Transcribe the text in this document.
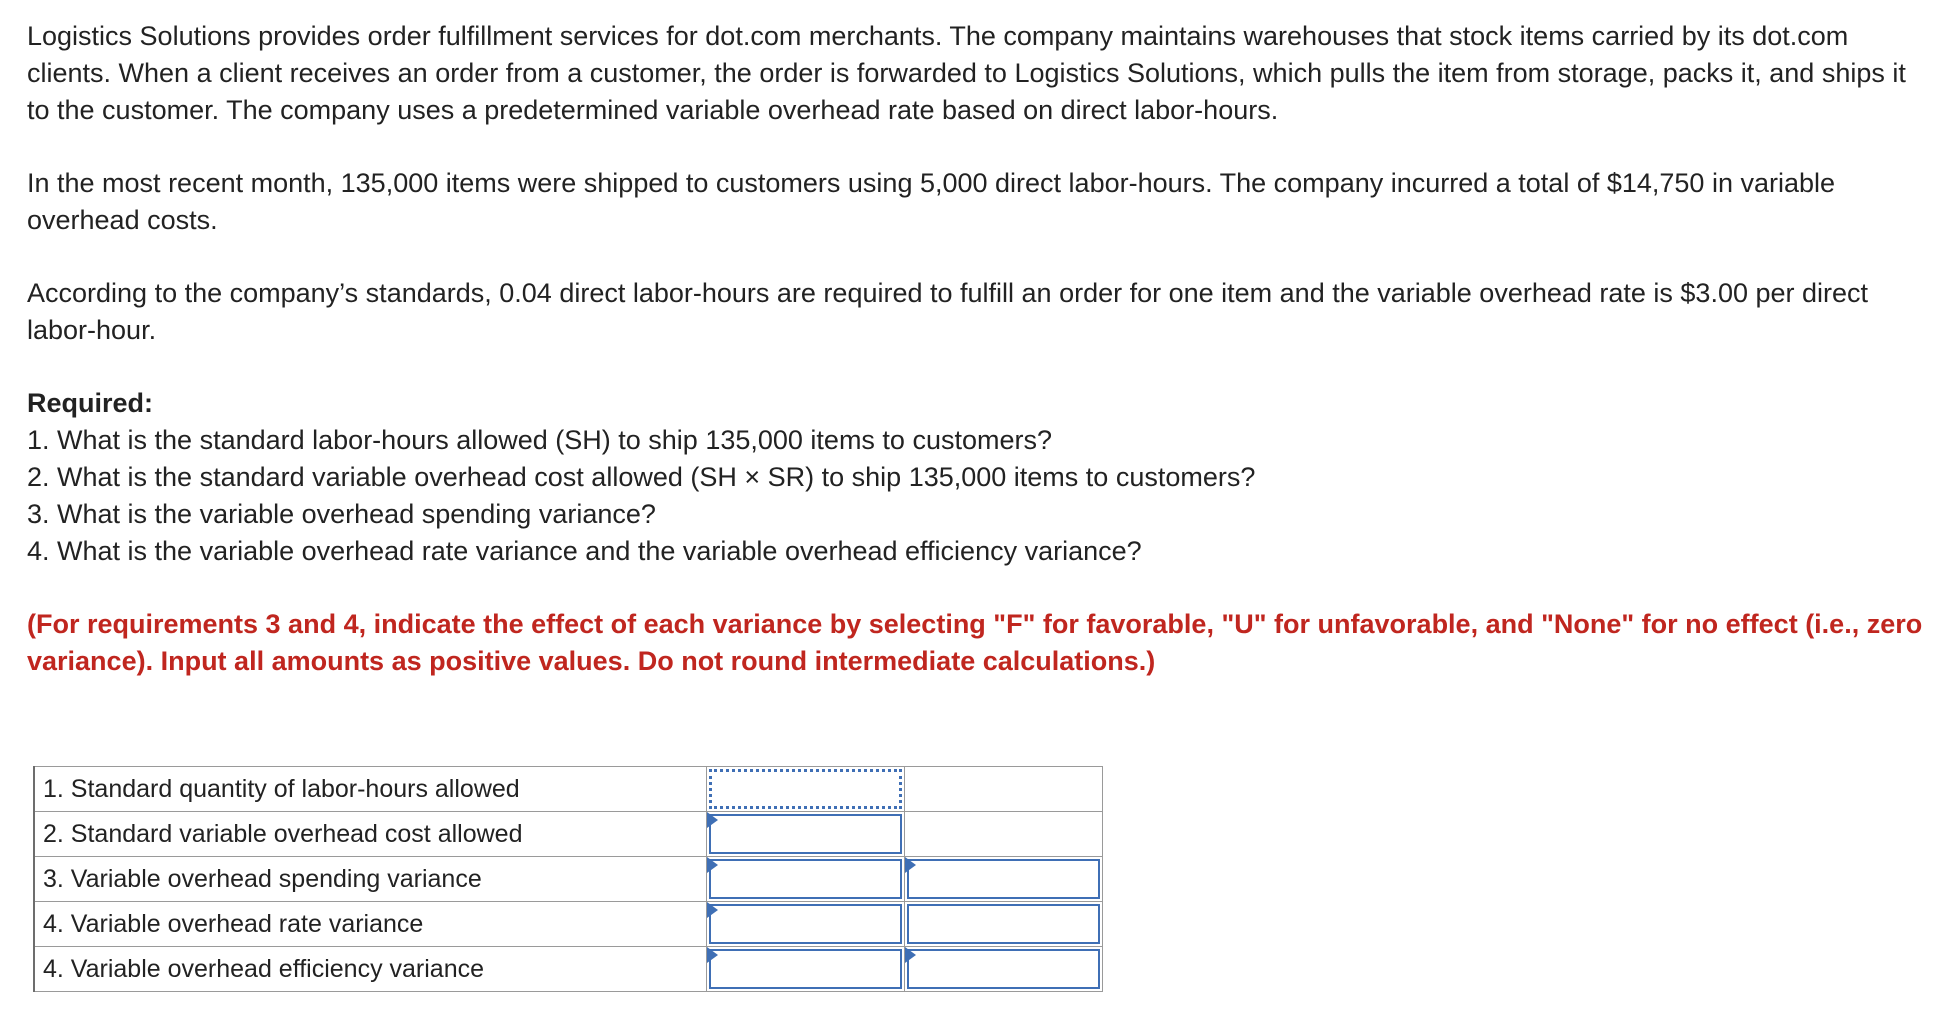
Logistics Solutions provides order fulfillment services for dot.com merchants. The company maintains warehouses that stock items carried by its dot.com clients. When a client receives an order from a customer, the order is forwarded to Logistics Solutions, which pulls the item from storage, packs it, and ships it to the customer. The company uses a predetermined variable overhead rate based on direct labor-hours.

In the most recent month, 135,000 items were shipped to customers using 5,000 direct labor-hours. The company incurred a total of $14,750 in variable overhead costs.

According to the company’s standards, 0.04 direct labor-hours are required to fulfill an order for one item and the variable overhead rate is $3.00 per direct labor-hour.

Required:

1. What is the standard labor-hours allowed (SH) to ship 135,000 items to customers?
2. What is the standard variable overhead cost allowed (SH × SR) to ship 135,000 items to customers?
3. What is the variable overhead spending variance?
4. What is the variable overhead rate variance and the variable overhead efficiency variance?

(For requirements 3 and 4, indicate the effect of each variance by selecting "F" for favorable, "U" for unfavorable, and "None" for no effect (i.e., zero variance). Input all amounts as positive values. Do not round intermediate calculations.)

1. Standard quantity of labor-hours allowed	

2. Standard variable overhead cost allowed	

3. Variable overhead spending variance	

4. Variable overhead rate variance	

4. Variable overhead efficiency variance	
